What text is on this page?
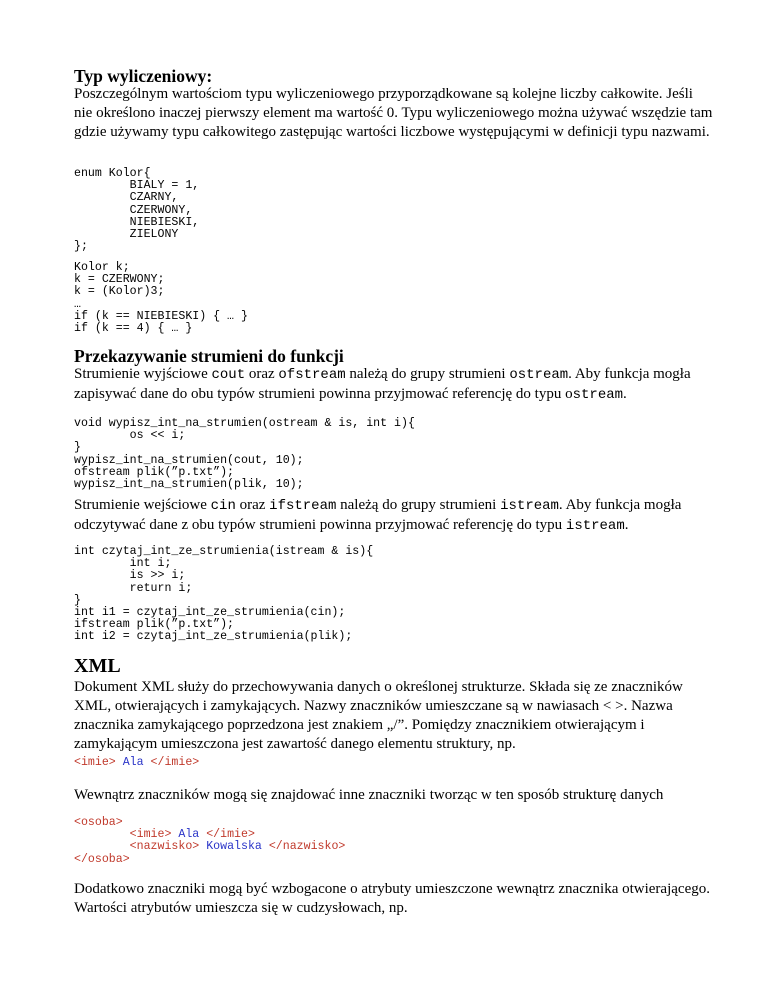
Typ wyliczeniowy:

Poszczególnym wartościom typu wyliczeniowego przyporządkowane są kolejne liczby całkowite. Jeśli nie określono inaczej pierwszy element ma wartość 0. Typu wyliczeniowego można używać wszędzie tam gdzie używamy typu całkowitego zastępując wartości liczbowe występującymi w definicji typu nazwami.

enum Kolor{
BIALY = 1,
CZARNY,
CZERWONY,
NIEBIESKI,
ZIELONY
};
Kolor k;
k = CZERWONY;
k = (Kolor)3;
…
if (k == NIEBIESKI) { … }
if (k == 4) { … }
Przekazywanie strumieni do funkcji

Strumienie wyjściowe cout oraz ofstream należą do grupy strumieni ostream. Aby funkcja mogła zapisywać dane do obu typów strumieni powinna przyjmować referencję do typu ostream.

void wypisz_int_na_strumien(ostream & is, int i){
os << i;
}
wypisz_int_na_strumien(cout, 10);
ofstream plik(”p.txt”);
wypisz_int_na_strumien(plik, 10);

Strumienie wejściowe cin oraz ifstream należą do grupy strumieni istream. Aby funkcja mogła odczytywać dane z obu typów strumieni powinna przyjmować referencję do typu istream.

int czytaj_int_ze_strumienia(istream & is){
int i;
is >> i;
return i;
}
int i1 = czytaj_int_ze_strumienia(cin);
ifstream plik(”p.txt”);
int i2 = czytaj_int_ze_strumienia(plik);
XML

Dokument XML służy do przechowywania danych o określonej strukturze. Składa się ze znaczników XML, otwierających i zamykających. Nazwy znaczników umieszczane są w nawiasach < >. Nazwa znacznika zamykającego poprzedzona jest znakiem „/”. Pomiędzy znacznikiem otwierającym i zamykającym umieszczona jest zawartość danego elementu struktury, np.

<imie> Ala </imie>

Wewnątrz znaczników mogą się znajdować inne znaczniki tworząc w ten sposób strukturę danych

<osoba>
<imie> Ala </imie>
<nazwisko> Kowalska </nazwisko>
</osoba>

Dodatkowo znaczniki mogą być wzbogacone o atrybuty umieszczone wewnątrz znacznika otwierającego. Wartości atrybutów umieszcza się w cudzysłowach, np.
